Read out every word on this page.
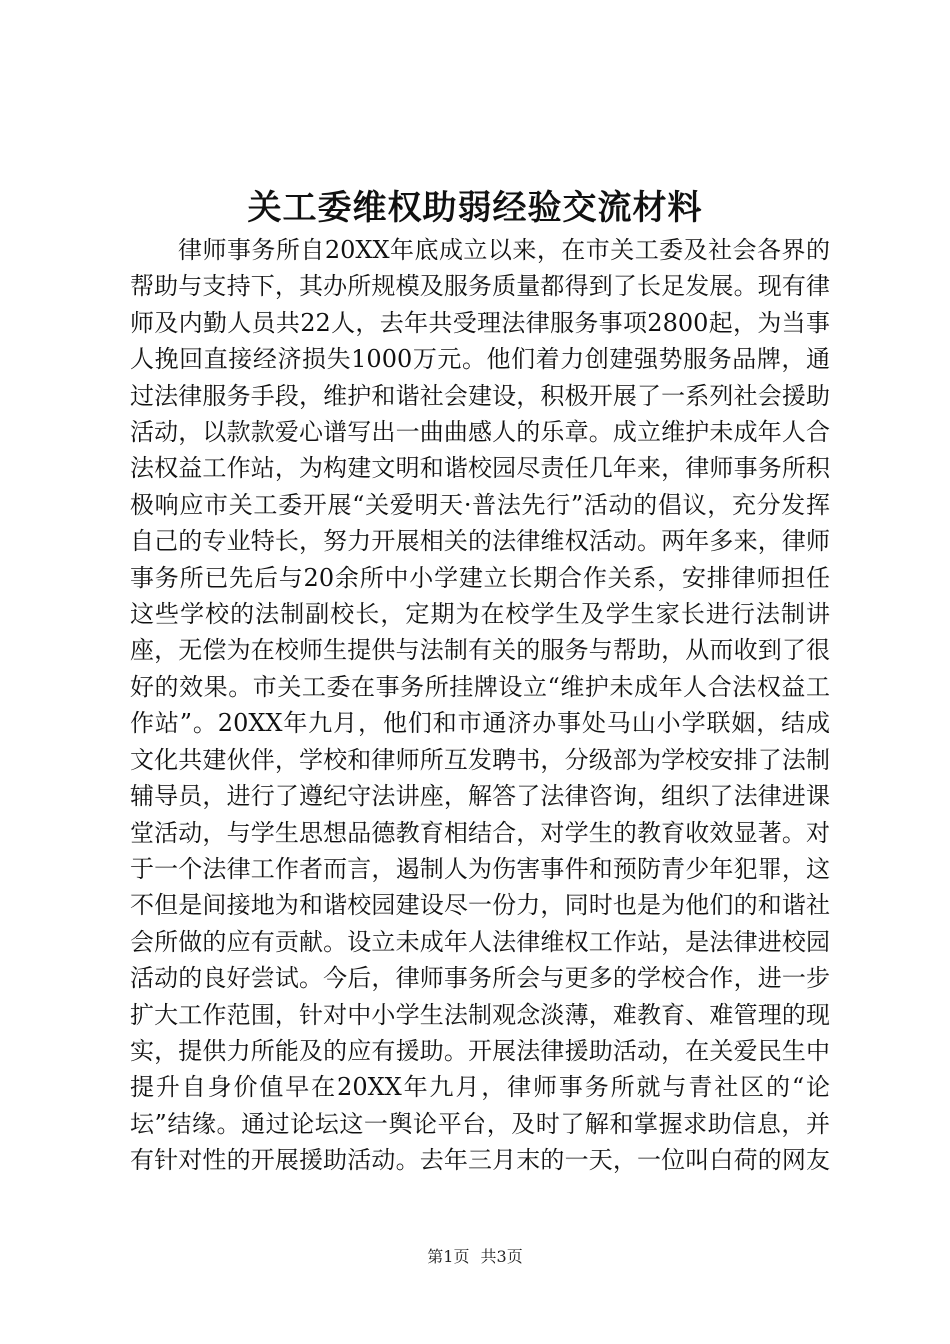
关工委维权助弱经验交流材料

律师事务所自20XX年底成立以来，在市关工委及社会各界的帮助与支持下，其办所规模及服务质量都得到了长足发展。现有律师及内勤人员共22人，去年共受理法律服务事项2800起，为当事人挽回直接经济损失1000万元。他们着力创建强势服务品牌，通过法律服务手段，维护和谐社会建设，积极开展了一系列社会援助活动，以款款爱心谱写出一曲曲感人的乐章。成立维护未成年人合法权益工作站，为构建文明和谐校园尽责任几年来，律师事务所积极响应市关工委开展“关爱明天·普法先行”活动的倡议，充分发挥自己的专业特长，努力开展相关的法律维权活动。两年多来，律师事务所已先后与20余所中小学建立长期合作关系，安排律师担任这些学校的法制副校长，定期为在校学生及学生家长进行法制讲座，无偿为在校师生提供与法制有关的服务与帮助，从而收到了很好的效果。市关工委在事务所挂牌设立“维护未成年人合法权益工作站”。20XX年九月，他们和市通济办事处马山小学联姻，结成文化共建伙伴，学校和律师所互发聘书，分级部为学校安排了法制辅导员，进行了遵纪守法讲座，解答了法律咨询，组织了法律进课堂活动，与学生思想品德教育相结合，对学生的教育收效显著。对于一个法律工作者而言，遏制人为伤害事件和预防青少年犯罪，这不但是间接地为和谐校园建设尽一份力，同时也是为他们的和谐社会所做的应有贡献。设立未成年人法律维权工作站，是法律进校园活动的良好尝试。今后，律师事务所会与更多的学校合作，进一步扩大工作范围，针对中小学生法制观念淡薄，难教育、难管理的现实，提供力所能及的应有援助。开展法律援助活动，在关爱民生中提升自身价值早在20XX年九月，律师事务所就与青社区的“论坛”结缘。通过论坛这一舆论平台，及时了解和掌握求助信息，并有针对性的开展援助活动。去年三月末的一天，一位叫白荷的网友

第1页 共3页
